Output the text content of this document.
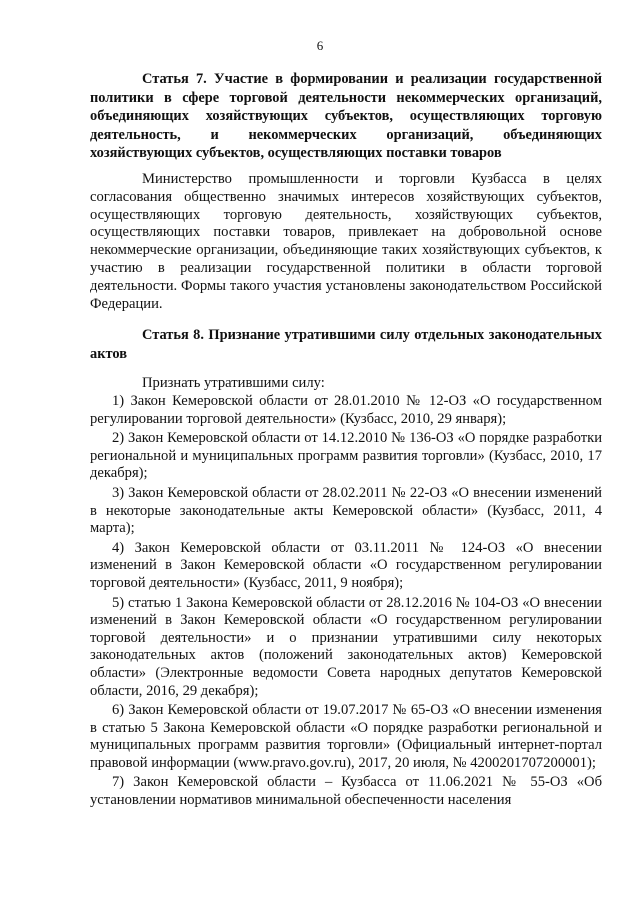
6
Статья 7. Участие в формировании и реализации государственной политики в сфере торговой деятельности некоммерческих организаций, объединяющих хозяйствующих субъектов, осуществляющих торговую деятельность, и некоммерческих организаций, объединяющих хозяйствующих субъектов, осуществляющих поставки товаров
Министерство промышленности и торговли Кузбасса в целях согласования общественно значимых интересов хозяйствующих субъектов, осуществляющих торговую деятельность, хозяйствующих субъектов, осуществляющих поставки товаров, привлекает на добровольной основе некоммерческие организации, объединяющие таких хозяйствующих субъектов, к участию в реализации государственной политики в области торговой деятельности. Формы такого участия установлены законодательством Российской Федерации.
Статья 8. Признание утратившими силу отдельных законодательных актов
Признать утратившими силу:

1) Закон Кемеровской области от 28.01.2010 № 12-ОЗ «О государственном регулировании торговой деятельности» (Кузбасс, 2010, 29 января);

2) Закон Кемеровской области от 14.12.2010 № 136-ОЗ «О порядке разработки региональной и муниципальных программ развития торговли» (Кузбасс, 2010, 17 декабря);

3) Закон Кемеровской области от 28.02.2011 № 22-ОЗ «О внесении изменений в некоторые законодательные акты Кемеровской области» (Кузбасс, 2011, 4 марта);

4) Закон Кемеровской области от 03.11.2011 № 124-ОЗ «О внесении изменений в Закон Кемеровской области «О государственном регулировании торговой деятельности» (Кузбасс, 2011, 9 ноября);

5) статью 1 Закона Кемеровской области от 28.12.2016 № 104-ОЗ «О внесении изменений в Закон Кемеровской области «О государственном регулировании торговой деятельности» и о признании утратившими силу некоторых законодательных актов (положений законодательных актов) Кемеровской области» (Электронные ведомости Совета народных депутатов Кемеровской области, 2016, 29 декабря);

6) Закон Кемеровской области от 19.07.2017 № 65-ОЗ «О внесении изменения в статью 5 Закона Кемеровской области «О порядке разработки региональной и муниципальных программ развития торговли» (Официальный интернет-портал правовой информации (www.pravo.gov.ru), 2017, 20 июля, № 4200201707200001);

7) Закон Кемеровской области – Кузбасса от 11.06.2021 № 55-ОЗ «Об установлении нормативов минимальной обеспеченности населения
